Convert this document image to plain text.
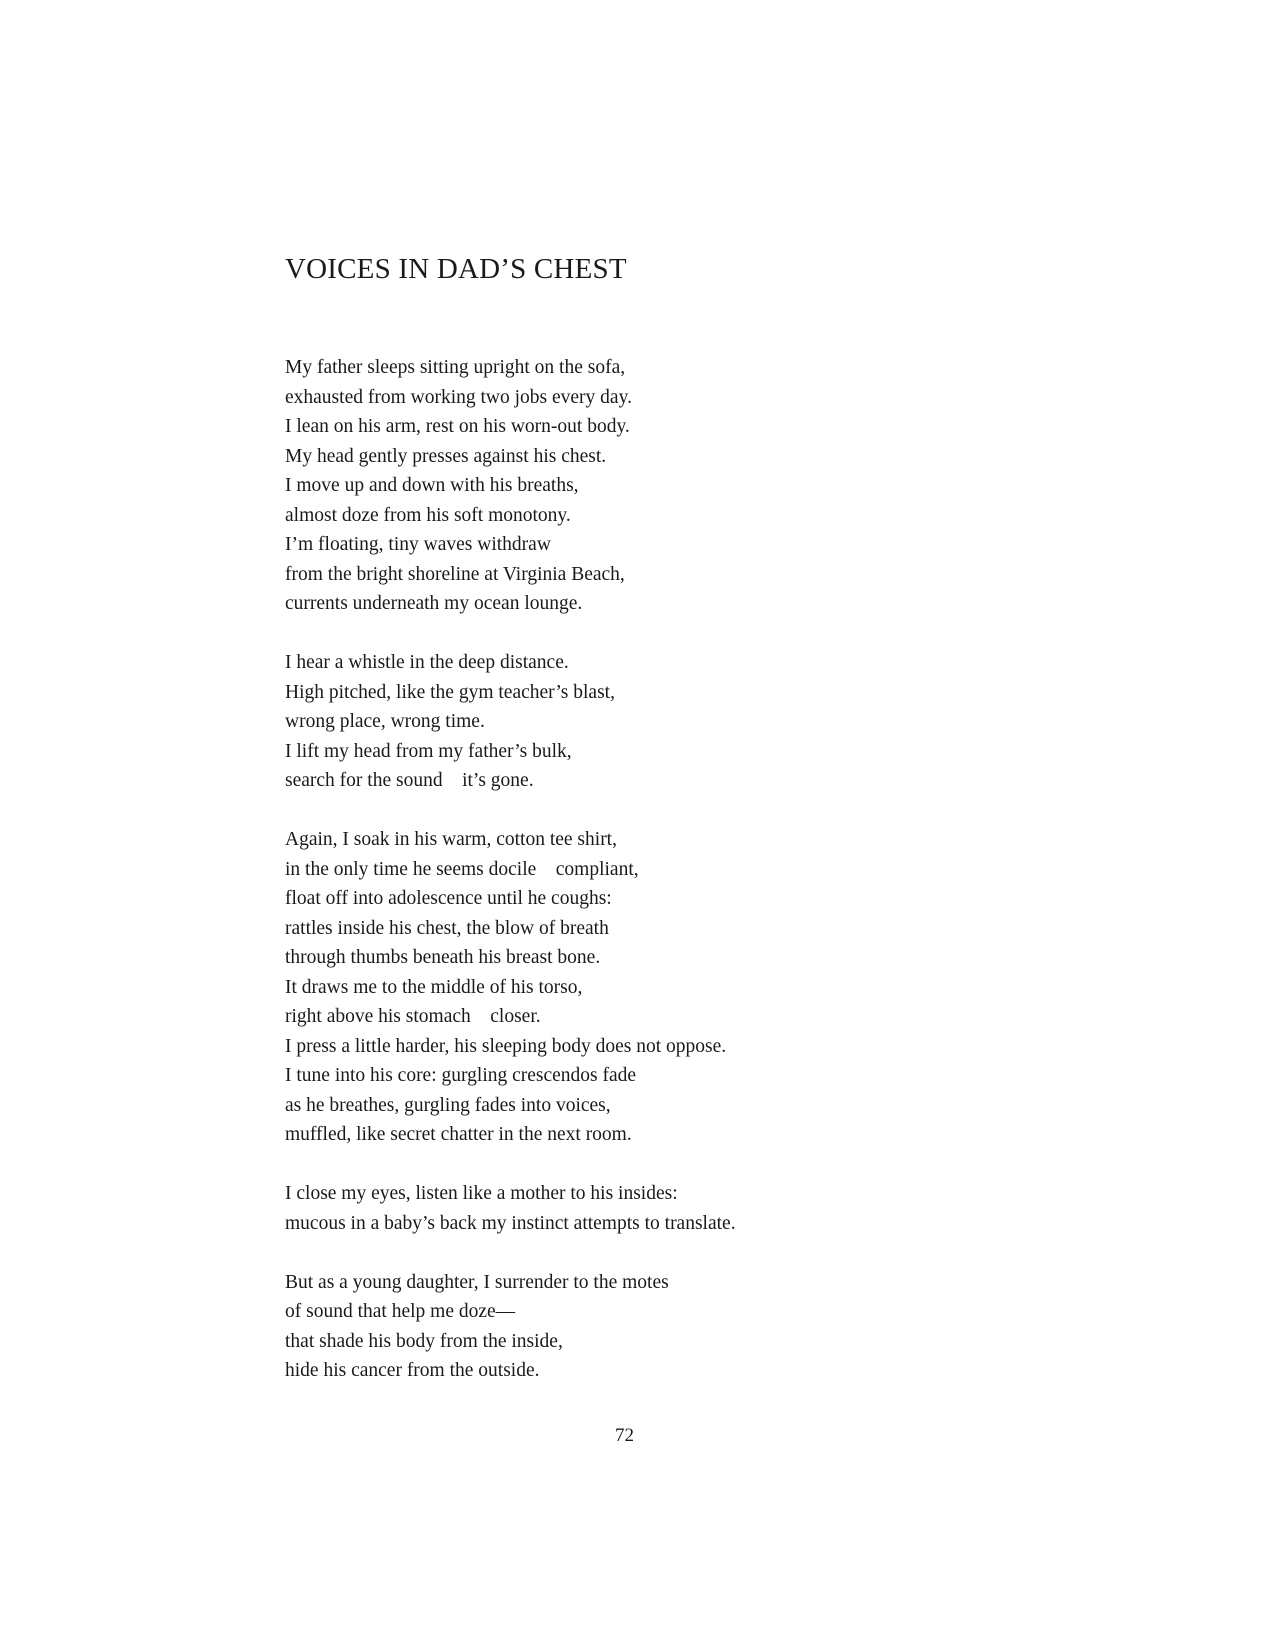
VOICES IN DAD’S CHEST
My father sleeps sitting upright on the sofa,
exhausted from working two jobs every day.
I lean on his arm, rest on his worn-out body.
My head gently presses against his chest.
I move up and down with his breaths,
almost doze from his soft monotony.
I’m floating, tiny waves withdraw
from the bright shoreline at Virginia Beach,
currents underneath my ocean lounge.
I hear a whistle in the deep distance.
High pitched, like the gym teacher’s blast,
wrong place, wrong time.
I lift my head from my father’s bulk,
search for the sound    it’s gone.
Again, I soak in his warm, cotton tee shirt,
in the only time he seems docile    compliant,
float off into adolescence until he coughs:
rattles inside his chest, the blow of breath
through thumbs beneath his breast bone.
It draws me to the middle of his torso,
right above his stomach    closer.
I press a little harder, his sleeping body does not oppose.
I tune into his core: gurgling crescendos fade
as he breathes, gurgling fades into voices,
muffled, like secret chatter in the next room.
I close my eyes, listen like a mother to his insides:
mucous in a baby’s back my instinct attempts to translate.
But as a young daughter, I surrender to the motes
of sound that help me doze—
that shade his body from the inside,
hide his cancer from the outside.
72
